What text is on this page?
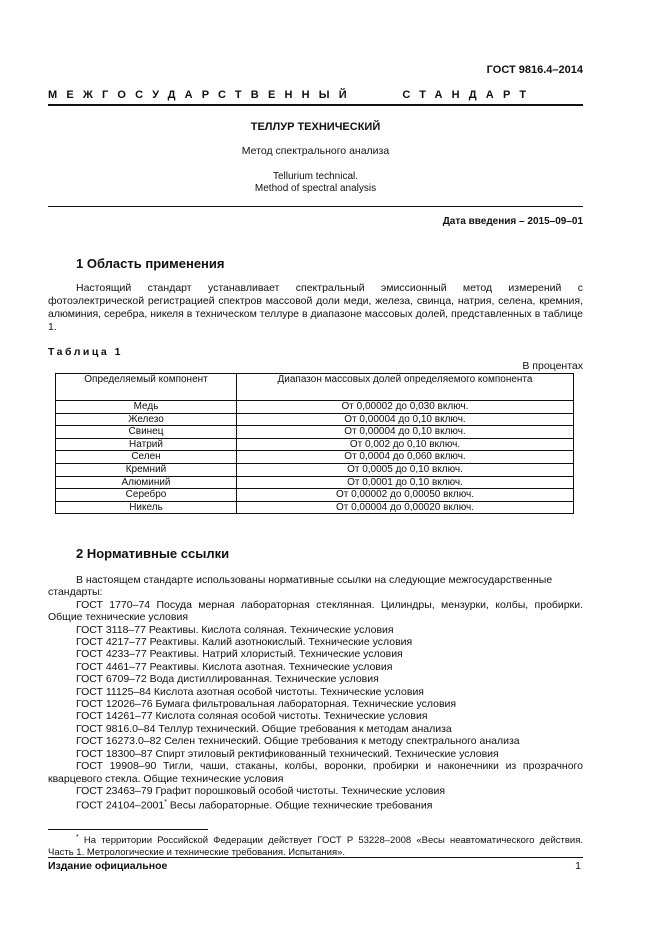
ГОСТ 9816.4–2014
МЕЖГОСУДАРСТВЕННЫЙ	СТАНДАРТ
ТЕЛЛУР ТЕХНИЧЕСКИЙ
Метод спектрального анализа
Tellurium technical.
Method of spectral analysis
Дата введения – 2015–09–01
1 Область применения
Настоящий стандарт устанавливает спектральный эмиссионный метод измерений с фотоэлектрической регистрацией спектров массовой доли меди, железа, свинца, натрия, селена, кремния, алюминия, серебра, никеля в техническом теллуре в диапазоне массовых долей, представленных в таблице 1.
Таблица 1
В процентах
Определяемый компонент	Диапазон массовых долей определяемого компонента
Медь	От 0,00002 до 0,030 включ.
Железо	От 0,00004 до 0,10 включ.
Свинец	От 0,00004 до 0,10 включ.
Натрий	От 0,002 до 0,10 включ.
Селен	От 0,0004 до 0,060 включ.
Кремний	От 0,0005 до 0,10 включ.
Алюминий	От 0,0001 до 0,10 включ.
Серебро	От 0,00002 до 0,00050 включ.
Никель	От 0,00004 до 0,00020 включ.
2 Нормативные ссылки
В настоящем стандарте использованы нормативные ссылки на следующие межгосударственные стандарты:
ГОСТ 1770–74 Посуда мерная лабораторная стеклянная. Цилиндры, мензурки, колбы, пробирки. Общие технические условия
ГОСТ 3118–77 Реактивы. Кислота соляная. Технические условия
ГОСТ 4217–77 Реактивы. Калий азотнокислый. Технические условия
ГОСТ 4233–77 Реактивы. Натрий хлористый. Технические условия
ГОСТ 4461–77 Реактивы. Кислота азотная. Технические условия
ГОСТ 6709–72 Вода дистиллированная. Технические условия
ГОСТ 11125–84 Кислота азотная особой чистоты. Технические условия
ГОСТ 12026–76 Бумага фильтровальная лабораторная. Технические условия
ГОСТ 14261–77 Кислота соляная особой чистоты. Технические условия
ГОСТ 9816.0–84 Теллур технический. Общие требования к методам анализа
ГОСТ 16273.0–82 Селен технический. Общие требования к методу спектрального анализа
ГОСТ 18300–87 Спирт этиловый ректификованный технический. Технические условия
ГОСТ 19908–90 Тигли, чаши, стаканы, колбы, воронки, пробирки и наконечники из прозрачного кварцевого стекла. Общие технические условия
ГОСТ 23463–79 Графит порошковый особой чистоты. Технические условия
ГОСТ 24104–2001* Весы лабораторные. Общие технические требования
* На территории Российской Федерации действует ГОСТ Р 53228–2008 «Весы неавтоматического действия. Часть 1. Метрологические и технические требования. Испытания».
Издание официальное	1
